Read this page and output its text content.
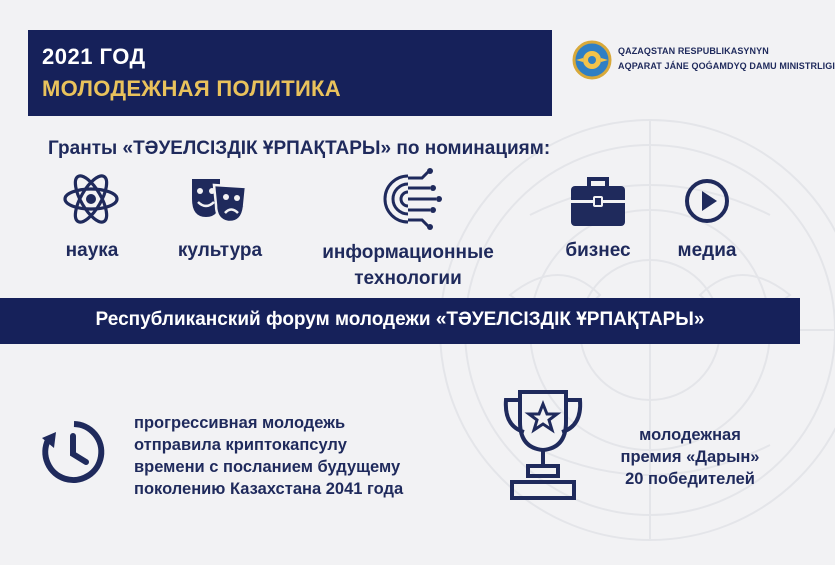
2021 ГОД
МОЛОДЕЖНАЯ ПОЛИТИКА
QAZAQSTAN RESPUBLIKASYNYN
AQPARAT JÁNE QOǴAMDYQ DAMU MINISTRLIGI
Гранты «ТӘУЕЛСІЗДІК ҰРПАҚТАРЫ» по номинациям:
наука	культура	информационные
технологии
бизнес	медиа
Республиканский форум молодежи «ТӘУЕЛСІЗДІК ҰРПАҚТАРЫ»
прогрессивная молодежь
отправила криптокапсулу
времени с посланием будущему
поколению Казахстана 2041 года
молодежная
премия «Дарын»
20 победителей
